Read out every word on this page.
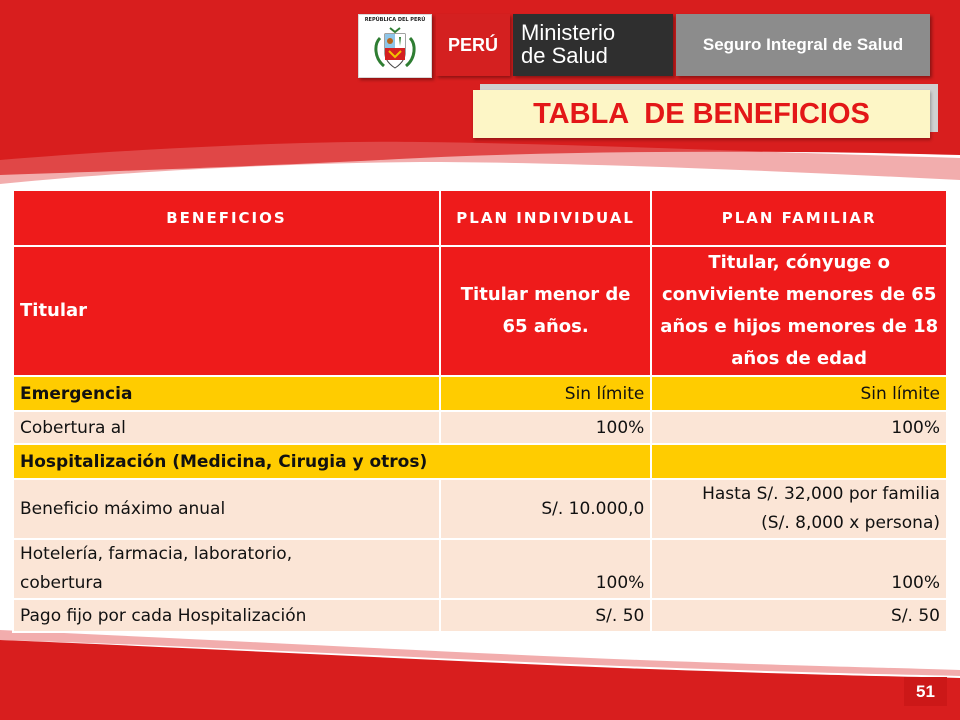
REPÚBLICA DEL PERÚ
PERÚ	Ministerio
de Salud	Seguro Integral de Salud
TABLA  DE BENEFICIOS
BENEFICIOS	PLAN INDIVIDUAL	PLAN FAMILIAR
Titular	Titular menor de 65 años.	Titular, cónyuge o conviviente menores de 65 años e hijos menores de 18 años de edad
Emergencia	Sin límite	Sin límite
Cobertura al	100%	100%
Hospitalización (Medicina, Cirugia y otros)		
Beneficio máximo anual	S/. 10.000,0	Hasta S/. 32,000 por familia
(S/. 8,000 x persona)

Hotelería, farmacia, laboratorio,
cobertura	100%	100%
Pago fijo por cada Hospitalización	S/. 50	S/. 50
51
